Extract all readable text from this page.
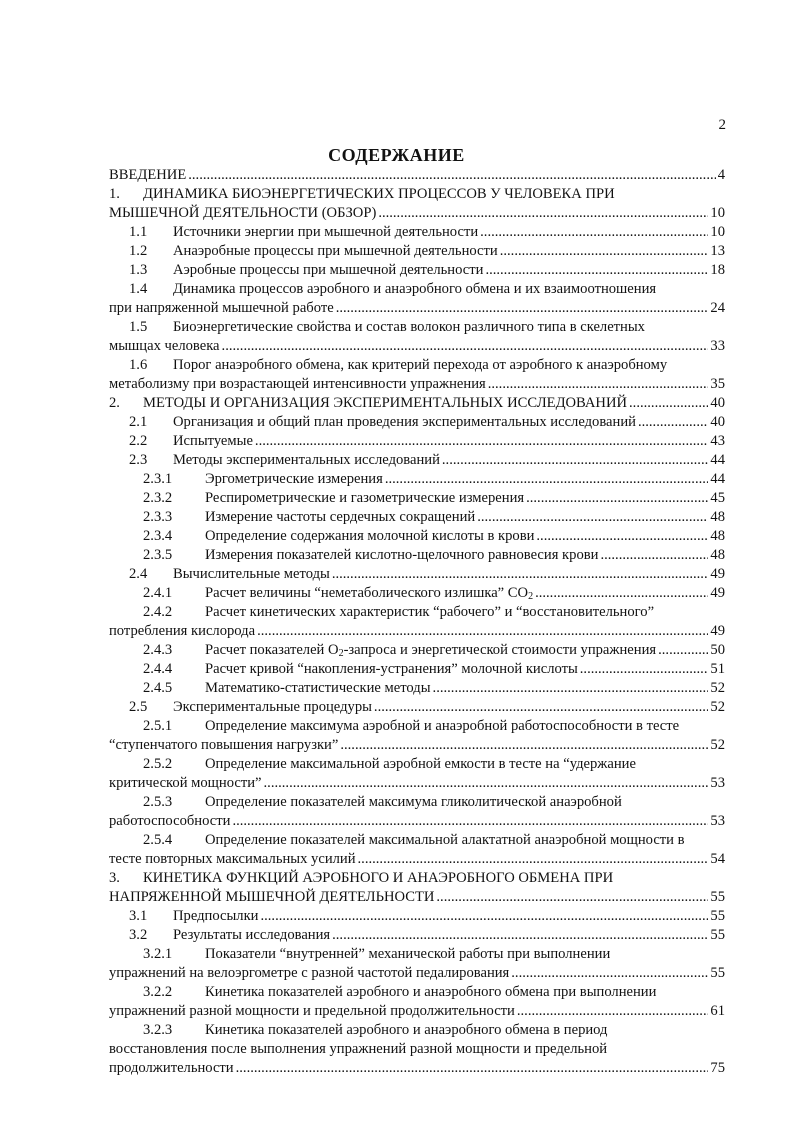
2
СОДЕРЖАНИЕ
ВВЕДЕНИЕ .....	4
1.	ДИНАМИКА БИОЭНЕРГЕТИЧЕСКИХ ПРОЦЕССОВ У ЧЕЛОВЕКА ПРИ
МЫШЕЧНОЙ ДЕЯТЕЛЬНОСТИ (ОБЗОР) .....	10
1.1	Источники энергии при мышечной деятельности .....	10
1.2	Анаэробные процессы при мышечной деятельности .....	13
1.3	Аэробные процессы при мышечной деятельности .....	18
1.4	Динамика процессов аэробного и анаэробного обмена и их взаимоотношения
при напряженной мышечной работе .....	24
1.5	Биоэнергетические свойства и состав волокон различного типа в скелетных
мышцах человека .....	33
1.6	Порог анаэробного обмена, как критерий перехода от аэробного к анаэробному
метаболизму при возрастающей интенсивности упражнения .....	35
2.	МЕТОДЫ И ОРГАНИЗАЦИЯ ЭКСПЕРИМЕНТАЛЬНЫХ ИССЛЕДОВАНИЙ .....	40
2.1	Организация и общий план проведения экспериментальных исследований .....	40
2.2	Испытуемые .....	43
2.3	Методы экспериментальных исследований .....	44
2.3.1	Эргометрические измерения .....	44
2.3.2	Респирометрические и газометрические измерения .....	45
2.3.3	Измерение частоты сердечных сокращений .....	48
2.3.4	Определение содержания молочной кислоты в крови .....	48
2.3.5	Измерения показателей кислотно-щелочного равновесия крови .....	48
2.4	Вычислительные методы .....	49
2.4.1	Расчет величины “неметаболического излишка” $CO_2$ .....	49
2.4.2	Расчет кинетических характеристик “рабочего” и “восстановительного”
потребления кислорода .....	49
2.4.3	Расчет показателей $O_2$-запроса и энергетической стоимости упражнения .....	50
2.4.4	Расчет кривой “накопления-устранения” молочной кислоты .....	51
2.4.5	Математико-статистические методы .....	52
2.5	Экспериментальные процедуры .....	52
2.5.1	Определение максимума аэробной и анаэробной работоспособности в тесте
“ступенчатого повышения нагрузки” .....	52
2.5.2	Определение максимальной аэробной емкости в тесте на “удержание
критической мощности” .....	53
2.5.3	Определение показателей максимума гликолитической анаэробной
работоспособности .....	53
2.5.4	Определение показателей максимальной алактатной анаэробной мощности в
тесте повторных максимальных усилий .....	54
3.	КИНЕТИКА ФУНКЦИЙ АЭРОБНОГО И АНАЭРОБНОГО ОБМЕНА ПРИ
НАПРЯЖЕННОЙ МЫШЕЧНОЙ ДЕЯТЕЛЬНОСТИ .....	55
3.1	Предпосылки .....	55
3.2	Результаты исследования .....	55
3.2.1	Показатели “внутренней” механической работы при выполнении
упражнений на велоэргометре с разной частотой педалирования .....	55
3.2.2	Кинетика показателей аэробного и анаэробного обмена при выполнении
упражнений разной мощности и предельной продолжительности .....	61
3.2.3	Кинетика показателей аэробного и анаэробного обмена в период
восстановления после выполнения упражнений разной мощности и предельной
продолжительности .....	75
